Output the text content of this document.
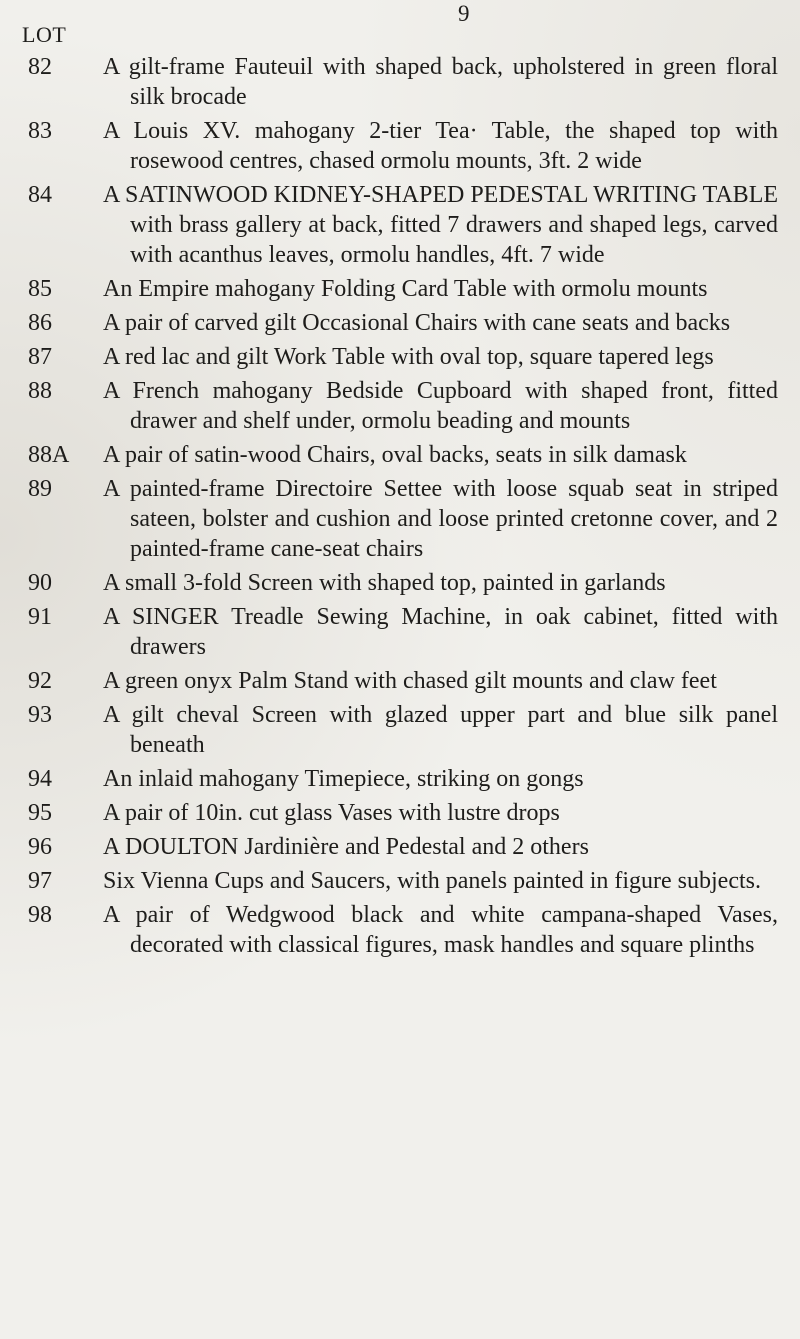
9
LOT
82 A gilt-frame Fauteuil with shaped back, upholstered in green floral silk brocade
83 A Louis XV. mahogany 2-tier Tea· Table, the shaped top with rosewood centres, chased ormolu mounts, 3ft. 2 wide
84 A SATINWOOD KIDNEY-SHAPED PEDESTAL WRITING TABLE with brass gallery at back, fitted 7 drawers and shaped legs, carved with acanthus leaves, ormolu handles, 4ft. 7 wide
85 An Empire mahogany Folding Card Table with ormolu mounts
86 A pair of carved gilt Occasional Chairs with cane seats and backs
87 A red lac and gilt Work Table with oval top, square tapered legs
88 A French mahogany Bedside Cupboard with shaped front, fitted drawer and shelf under, ormolu beading and mounts
88A A pair of satin-wood Chairs, oval backs, seats in silk damask
89 A painted-frame Directoire Settee with loose squab seat in striped sateen, bolster and cushion and loose printed cretonne cover, and 2 painted-frame cane-seat chairs
90 A small 3-fold Screen with shaped top, painted in garlands
91 A SINGER Treadle Sewing Machine, in oak cabinet, fitted with drawers
92 A green onyx Palm Stand with chased gilt mounts and claw feet
93 A gilt cheval Screen with glazed upper part and blue silk panel beneath
94 An inlaid mahogany Timepiece, striking on gongs
95 A pair of 10in. cut glass Vases with lustre drops
96 A DOULTON Jardinière and Pedestal and 2 others
97 Six Vienna Cups and Saucers, with panels painted in figure subjects.
98 A pair of Wedgwood black and white campana-shaped Vases, decorated with classical figures, mask handles and square plinths
